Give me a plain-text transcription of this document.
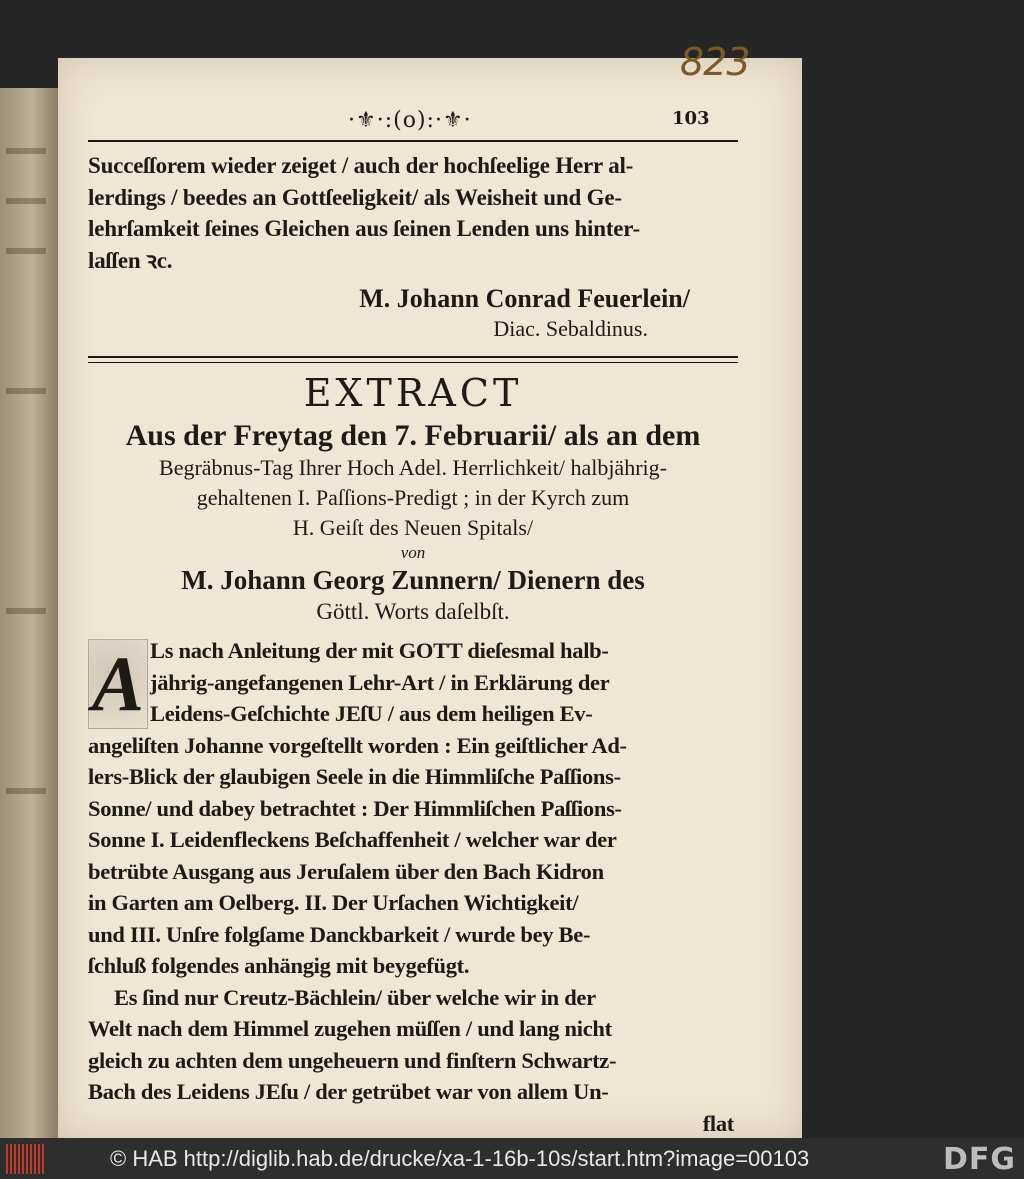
·⚜·:(o):·⚜·	103
Succeſſorem wieder zeiget / auch der hochſeelige Herr al-
lerdings / beedes an Gottſeeligkeit/ als Weisheit und Ge-
lehrſamkeit ſeines Gleichen aus ſeinen Lenden uns hinter-
laſſen ꝛc.
M. Johann Conrad Feuerlein/
Diac. Sebaldinus.
EXTRACT
Aus der Freytag den 7. Februarii/ als an dem
Begräbnus-Tag Ihrer Hoch Adel. Herrlichkeit/ halbjährig-
gehaltenen I. Paſſions-Predigt ; in der Kyrch zum
H. Geiſt des Neuen Spitals/
von
M. Johann Georg Zunnern/ Dienern des
Göttl. Worts daſelbſt.
A Ls nach Anleitung der mit GOTT dieſesmal halb-
jährig-angefangenen Lehr-Art / in Erklärung der
Leidens-Geſchichte JEſU / aus dem heiligen Ev-
angeliſten Johanne vorgeſtellt worden : Ein geiſtlicher Ad-
lers-Blick der glaubigen Seele in die Himmliſche Paſſions-
Sonne/ und dabey betrachtet : Der Himmliſchen Paſſions-
Sonne I. Leidenfleckens Beſchaffenheit / welcher war der
betrübte Ausgang aus Jeruſalem über den Bach Kidron
in Garten am Oelberg. II. Der Urſachen Wichtigkeit/
und III. Unſre folgſame Danckbarkeit / wurde bey Be-
ſchluß folgendes anhängig mit beygefügt.
Es ſind nur Creutz-Bächlein/ über welche wir in der
Welt nach dem Himmel zugehen müſſen / und lang nicht
gleich zu achten dem ungeheuern und finſtern Schwartz-
Bach des Leidens JEſu / der getrübet war von allem Un-
flat
823
© HAB http://diglib.hab.de/drucke/xa-1-16b-10s/start.htm?image=00103	DFG
